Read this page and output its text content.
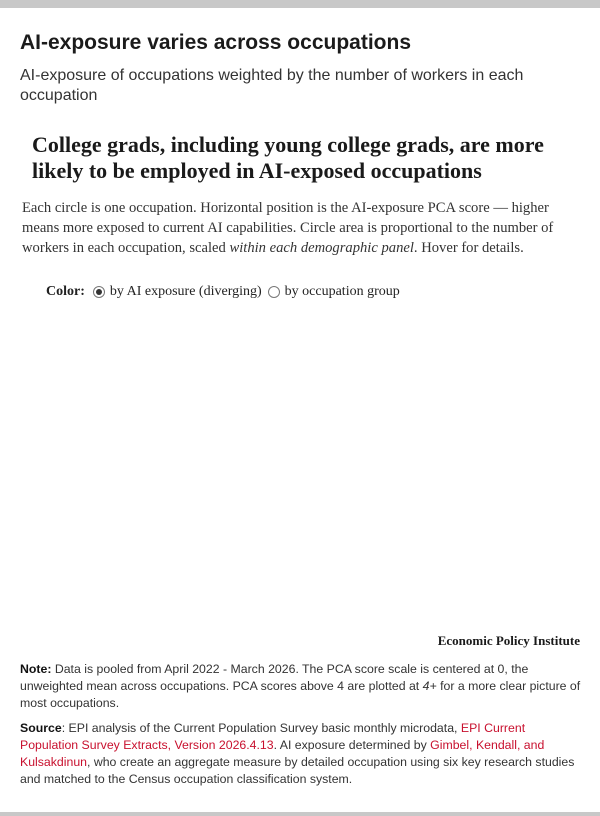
AI-exposure varies across occupations

AI-exposure of occupations weighted by the number of workers in each occupation

College grads, including young college grads, are more likely to be employed in AI-exposed occupations

Each circle is one occupation. Horizontal position is the AI-exposure PCA score — higher means more exposed to current AI capabilities. Circle area is proportional to the number of workers in each occupation, scaled within each demographic panel. Hover for details.

Color: by AI exposure (diverging) by occupation group
Economic Policy Institute

Note: Data is pooled from April 2022 - March 2026. The PCA score scale is centered at 0, the unweighted mean across occupations. PCA scores above 4 are plotted at 4+ for a more clear picture of most occupations.

Source: EPI analysis of the Current Population Survey basic monthly microdata, EPI Current Population Survey Extracts, Version 2026.4.13. AI exposure determined by Gimbel, Kendall, and Kulsakdinun, who create an aggregate measure by detailed occupation using six key research studies and matched to the Census occupation classification system.
